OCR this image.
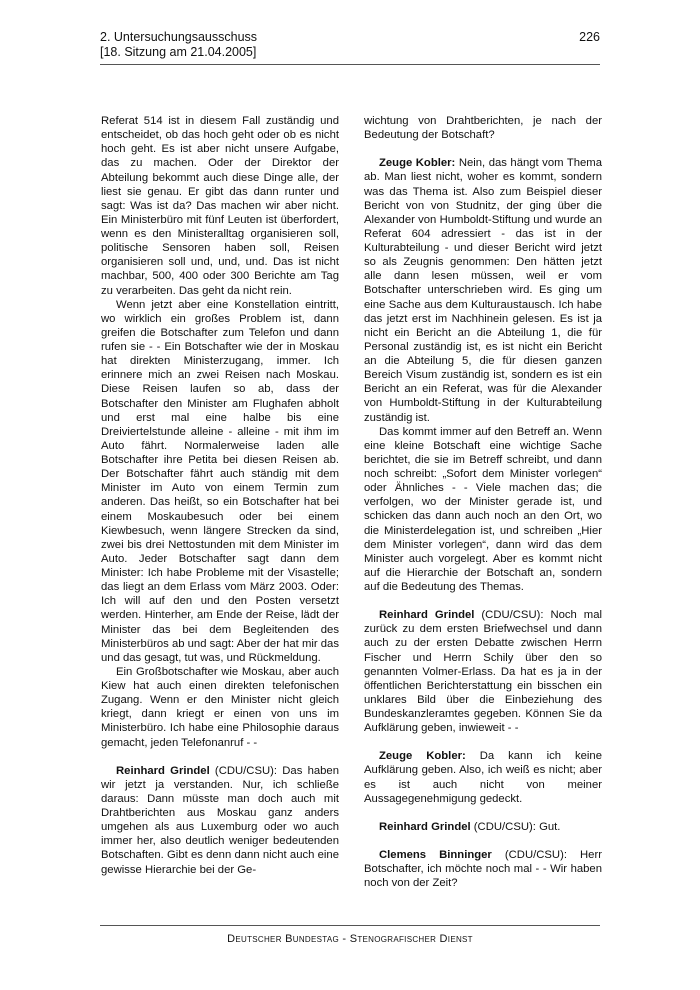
2. Untersuchungsausschuss
[18. Sitzung am 21.04.2005]
226

Referat 514 ist in diesem Fall zuständig und entscheidet, ob das hoch geht oder ob es nicht hoch geht. Es ist aber nicht unsere Aufgabe, das zu machen. Oder der Direktor der Abteilung bekommt auch diese Dinge alle, der liest sie genau. Er gibt das dann runter und sagt: Was ist da? Das machen wir aber nicht. Ein Ministerbüro mit fünf Leuten ist überfordert, wenn es den Ministeralltag organisieren soll, politische Sensoren haben soll, Reisen organisieren soll und, und, und. Das ist nicht machbar, 500, 400 oder 300 Berichte am Tag zu verarbeiten. Das geht da nicht rein.

Wenn jetzt aber eine Konstellation eintritt, wo wirklich ein großes Problem ist, dann greifen die Botschafter zum Telefon und dann rufen sie - - Ein Botschafter wie der in Moskau hat direkten Ministerzugang, immer. Ich erinnere mich an zwei Reisen nach Moskau. Diese Reisen laufen so ab, dass der Botschafter den Minister am Flughafen abholt und erst mal eine halbe bis eine Dreiviertelstunde alleine - alleine - mit ihm im Auto fährt. Normalerweise laden alle Botschafter ihre Petita bei diesen Reisen ab. Der Botschafter fährt auch ständig mit dem Minister im Auto von einem Termin zum anderen. Das heißt, so ein Botschafter hat bei einem Moskaubesuch oder bei einem Kiewbesuch, wenn längere Strecken da sind, zwei bis drei Nettostunden mit dem Minister im Auto. Jeder Botschafter sagt dann dem Minister: Ich habe Probleme mit der Visastelle; das liegt an dem Erlass vom März 2003. Oder: Ich will auf den und den Posten versetzt werden. Hinterher, am Ende der Reise, lädt der Minister das bei dem Begleitenden des Ministerbüros ab und sagt: Aber der hat mir das und das gesagt, tut was, und Rückmeldung.

Ein Großbotschafter wie Moskau, aber auch Kiew hat auch einen direkten telefonischen Zugang. Wenn er den Minister nicht gleich kriegt, dann kriegt er einen von uns im Ministerbüro. Ich habe eine Philosophie daraus gemacht, jeden Telefonanruf - -

Reinhard Grindel (CDU/CSU): Das haben wir jetzt ja verstanden. Nur, ich schließe daraus: Dann müsste man doch auch mit Drahtberichten aus Moskau ganz anders umgehen als aus Luxemburg oder wo auch immer her, also deutlich weniger bedeutenden Botschaften. Gibt es denn dann nicht auch eine gewisse Hierarchie bei der Ge-

wichtung von Drahtberichten, je nach der Bedeutung der Botschaft?

Zeuge Kobler: Nein, das hängt vom Thema ab. Man liest nicht, woher es kommt, sondern was das Thema ist. Also zum Beispiel dieser Bericht von von Studnitz, der ging über die Alexander von Humboldt-Stiftung und wurde an Referat 604 adressiert - das ist in der Kulturabteilung - und dieser Bericht wird jetzt so als Zeugnis genommen: Den hätten jetzt alle dann lesen müssen, weil er vom Botschafter unterschrieben wird. Es ging um eine Sache aus dem Kulturaustausch. Ich habe das jetzt erst im Nachhinein gelesen. Es ist ja nicht ein Bericht an die Abteilung 1, die für Personal zuständig ist, es ist nicht ein Bericht an die Abteilung 5, die für diesen ganzen Bereich Visum zuständig ist, sondern es ist ein Bericht an ein Referat, was für die Alexander von Humboldt-Stiftung in der Kulturabteilung zuständig ist.

Das kommt immer auf den Betreff an. Wenn eine kleine Botschaft eine wichtige Sache berichtet, die sie im Betreff schreibt, und dann noch schreibt: „Sofort dem Minister vorlegen“ oder Ähnliches - - Viele machen das; die verfolgen, wo der Minister gerade ist, und schicken das dann auch noch an den Ort, wo die Ministerdelegation ist, und schreiben „Hier dem Minister vorlegen“, dann wird das dem Minister auch vorgelegt. Aber es kommt nicht auf die Hierarchie der Botschaft an, sondern auf die Bedeutung des Themas.

Reinhard Grindel (CDU/CSU): Noch mal zurück zu dem ersten Briefwechsel und dann auch zu der ersten Debatte zwischen Herrn Fischer und Herrn Schily über den so genannten Volmer-Erlass. Da hat es ja in der öffentlichen Berichterstattung ein bisschen ein unklares Bild über die Einbeziehung des Bundeskanzleramtes gegeben. Können Sie da Aufklärung geben, inwieweit - -

Zeuge Kobler: Da kann ich keine Aufklärung geben. Also, ich weiß es nicht; aber es ist auch nicht von meiner Aussagegenehmigung gedeckt.

Reinhard Grindel (CDU/CSU): Gut.

Clemens Binninger (CDU/CSU): Herr Botschafter, ich möchte noch mal - - Wir haben noch von der Zeit?

Deutscher Bundestag - Stenografischer Dienst
